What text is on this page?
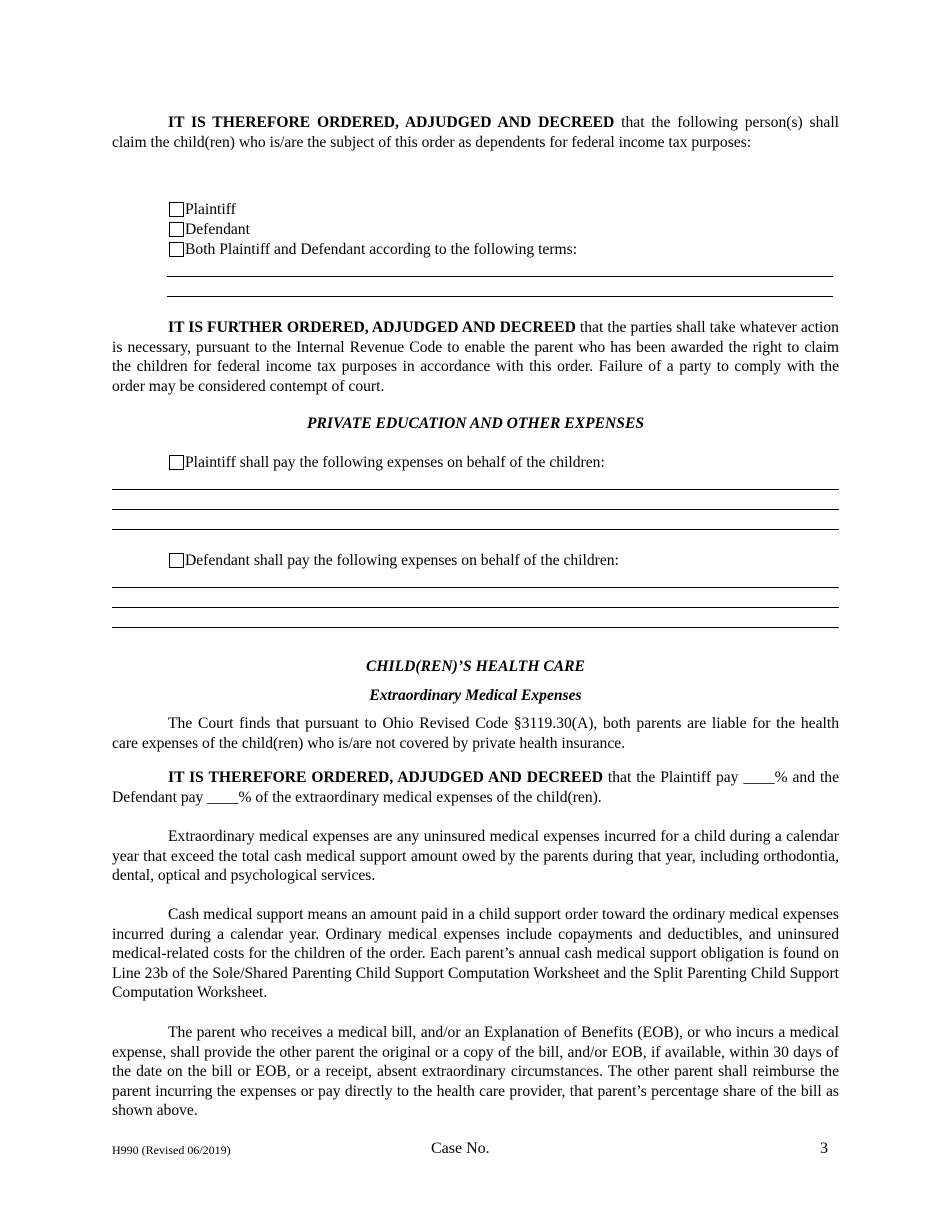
IT IS THEREFORE ORDERED, ADJUDGED AND DECREED that the following person(s) shall claim the child(ren) who is/are the subject of this order as dependents for federal income tax purposes:

Plaintiff
Defendant
Both Plaintiff and Defendant according to the following terms:

IT IS FURTHER ORDERED, ADJUDGED AND DECREED that the parties shall take whatever action is necessary, pursuant to the Internal Revenue Code to enable the parent who has been awarded the right to claim the children for federal income tax purposes in accordance with this order. Failure of a party to comply with the order may be considered contempt of court.

PRIVATE EDUCATION AND OTHER EXPENSES
Plaintiff shall pay the following expenses on behalf of the children:
Defendant shall pay the following expenses on behalf of the children:
CHILD(REN)’S HEALTH CARE
Extraordinary Medical Expenses

The Court finds that pursuant to Ohio Revised Code §3119.30(A), both parents are liable for the health care expenses of the child(ren) who is/are not covered by private health insurance.

IT IS THEREFORE ORDERED, ADJUDGED AND DECREED that the Plaintiff pay ____% and the Defendant pay ____% of the extraordinary medical expenses of the child(ren).

Extraordinary medical expenses are any uninsured medical expenses incurred for a child during a calendar year that exceed the total cash medical support amount owed by the parents during that year, including orthodontia, dental, optical and psychological services.

Cash medical support means an amount paid in a child support order toward the ordinary medical expenses incurred during a calendar year. Ordinary medical expenses include copayments and deductibles, and uninsured medical-related costs for the children of the order. Each parent’s annual cash medical support obligation is found on Line 23b of the Sole/Shared Parenting Child Support Computation Worksheet and the Split Parenting Child Support Computation Worksheet.

The parent who receives a medical bill, and/or an Explanation of Benefits (EOB), or who incurs a medical expense, shall provide the other parent the original or a copy of the bill, and/or EOB, if available, within 30 days of the date on the bill or EOB, or a receipt, absent extraordinary circumstances. The other parent shall reimburse the parent incurring the expenses or pay directly to the health care provider, that parent’s percentage share of the bill as shown above.

H990 (Revised 06/2019)	Case No.	3
